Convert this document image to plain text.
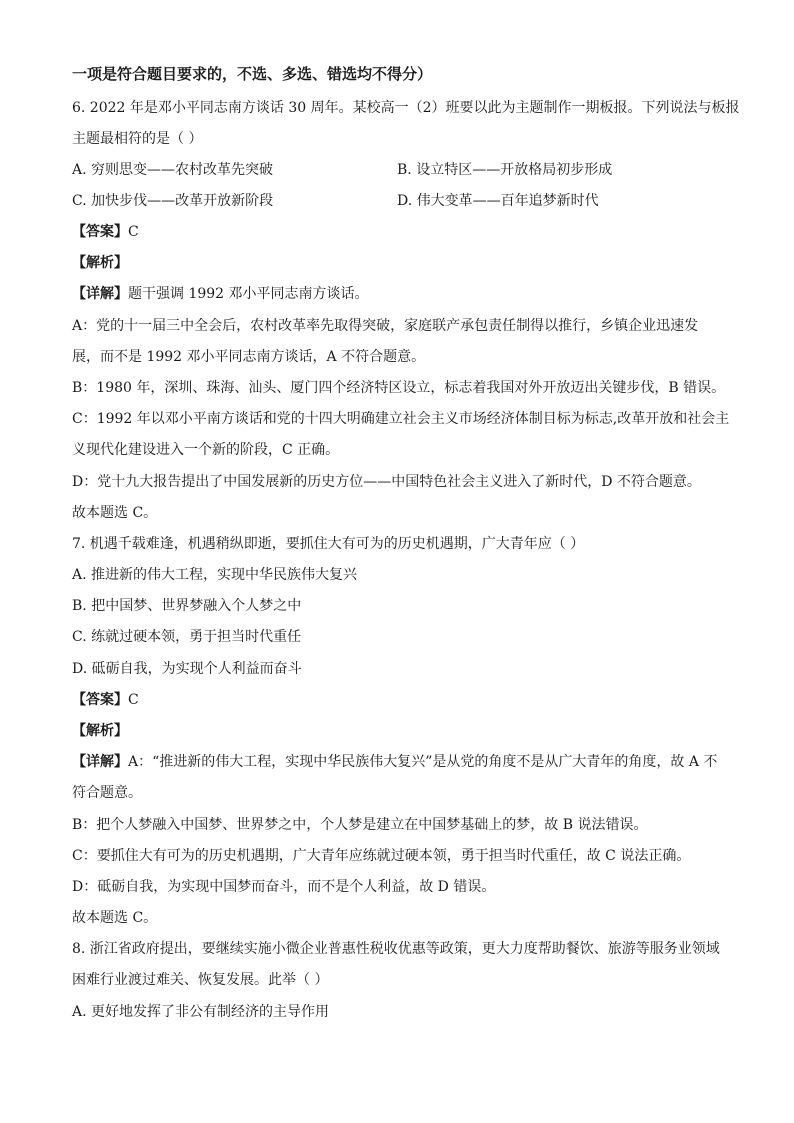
一项是符合题目要求的，不选、多选、错选均不得分）
6. 2022 年是邓小平同志南方谈话 30 周年。某校高一（2）班要以此为主题制作一期板报。下列说法与板报
主题最相符的是（ ）
A. 穷则思变——农村改革先突破	B. 设立特区——开放格局初步形成
C. 加快步伐——改革开放新阶段	D. 伟大变革——百年追梦新时代
【答案】C
【解析】
【详解】题干强调 1992 邓小平同志南方谈话。
A：党的十一届三中全会后，农村改革率先取得突破，家庭联产承包责任制得以推行，乡镇企业迅速发
展，而不是 1992 邓小平同志南方谈话，A 不符合题意。
B：1980 年，深圳、珠海、汕头、厦门四个经济特区设立，标志着我国对外开放迈出关键步伐，B 错误。
C：1992 年以邓小平南方谈话和党的十四大明确建立社会主义市场经济体制目标为标志,改革开放和社会主
义现代化建设进入一个新的阶段，C 正确。
D：党十九大报告提出了中国发展新的历史方位——中国特色社会主义进入了新时代，D 不符合题意。
故本题选 C。
7. 机遇千载难逢，机遇稍纵即逝，要抓住大有可为的历史机遇期，广大青年应（ ）
A. 推进新的伟大工程，实现中华民族伟大复兴
B. 把中国梦、世界梦融入个人梦之中
C. 练就过硬本领，勇于担当时代重任
D. 砥砺自我，为实现个人利益而奋斗
【答案】C
【解析】
【详解】A：“推进新的伟大工程，实现中华民族伟大复兴”是从党的角度不是从广大青年的角度，故 A 不
符合题意。
B：把个人梦融入中国梦、世界梦之中，个人梦是建立在中国梦基础上的梦，故 B 说法错误。
C：要抓住大有可为的历史机遇期，广大青年应练就过硬本领，勇于担当时代重任，故 C 说法正确。
D：砥砺自我，为实现中国梦而奋斗，而不是个人利益，故 D 错误。
故本题选 C。
8. 浙江省政府提出，要继续实施小微企业普惠性税收优惠等政策，更大力度帮助餐饮、旅游等服务业领域
困难行业渡过难关、恢复发展。此举（ ）
A. 更好地发挥了非公有制经济的主导作用
